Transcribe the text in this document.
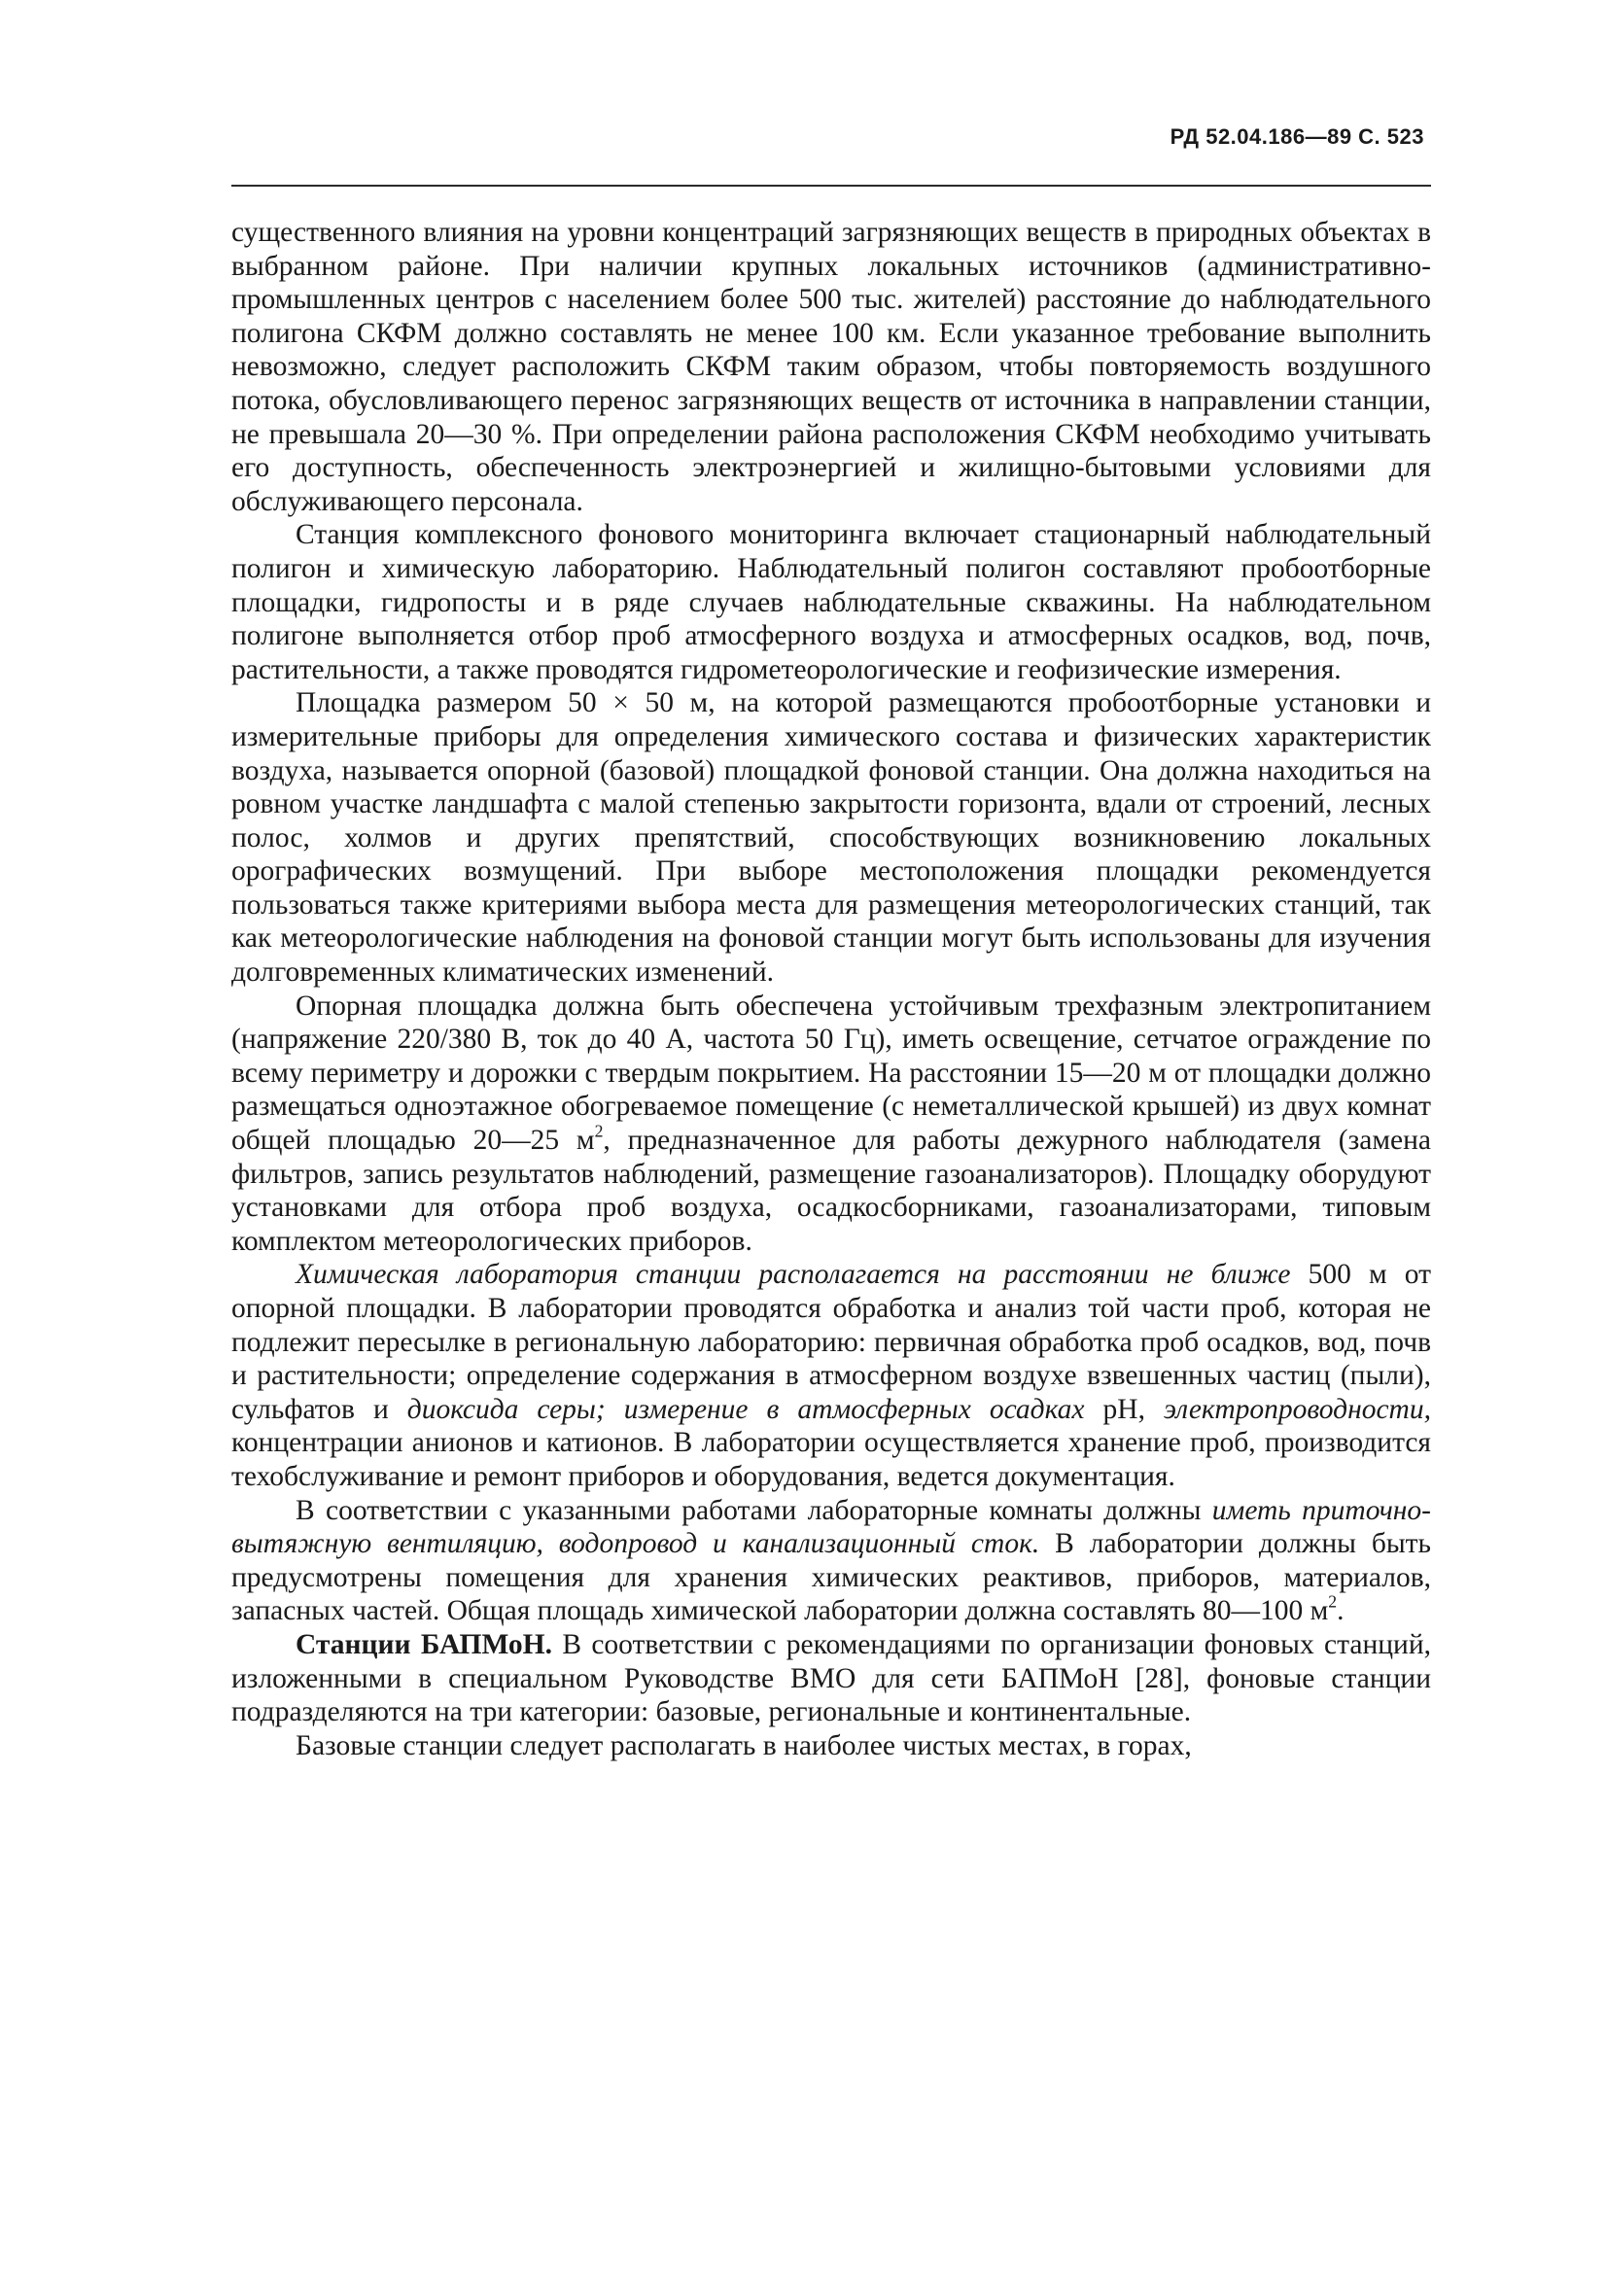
РД 52.04.186—89 С. 523

существенного влияния на уровни концентраций загрязняющих веществ в природных объектах в выбранном районе. При наличии крупных локальных источников (административно-промышленных центров с населением более 500 тыс. жителей) расстояние до наблюдательного полигона СКФМ должно составлять не менее 100 км. Если указанное требование выполнить невозможно, следует расположить СКФМ таким образом, чтобы повторяемость воздушного потока, обусловливающего перенос загрязняющих веществ от источника в направлении станции, не превышала 20—30 %. При определении района расположения СКФМ необходимо учитывать его доступность, обеспеченность электроэнергией и жилищно-бытовыми условиями для обслуживающего персонала.

Станция комплексного фонового мониторинга включает стационарный наблюдательный полигон и химическую лабораторию. Наблюдательный полигон составляют пробоотборные площадки, гидропосты и в ряде случаев наблюдательные скважины. На наблюдательном полигоне выполняется отбор проб атмосферного воздуха и атмосферных осадков, вод, почв, растительности, а также проводятся гидрометеорологические и геофизические измерения.

Площадка размером 50 × 50 м, на которой размещаются пробоотборные установки и измерительные приборы для определения химического состава и физических характеристик воздуха, называется опорной (базовой) площадкой фоновой станции. Она должна находиться на ровном участке ландшафта с малой степенью закрытости горизонта, вдали от строений, лесных полос, холмов и других препятствий, способствующих возникновению локальных орографических возмущений. При выборе местоположения площадки рекомендуется пользоваться также критериями выбора места для размещения метеорологических станций, так как метеорологические наблюдения на фоновой станции могут быть использованы для изучения долговременных климатических изменений.

Опорная площадка должна быть обеспечена устойчивым трехфазным электропитанием (напряжение 220/380 В, ток до 40 А, частота 50 Гц), иметь освещение, сетчатое ограждение по всему периметру и дорожки с твердым покрытием. На расстоянии 15—20 м от площадки должно размещаться одноэтажное обогреваемое помещение (с неметаллической крышей) из двух комнат общей площадью 20—25 $м^2$, предназначенное для работы дежурного наблюдателя (замена фильтров, запись результатов наблюдений, размещение газоанализаторов). Площадку оборудуют установками для отбора проб воздуха, осадкосборниками, газоанализаторами, типовым комплектом метеорологических приборов.

Химическая лаборатория станции располагается на расстоянии не ближе 500 м от опорной площадки. В лаборатории проводятся обработка и анализ той части проб, которая не подлежит пересылке в региональную лабораторию: первичная обработка проб осадков, вод, почв и растительности; определение содержания в атмосферном воздухе взвешенных частиц (пыли), сульфатов и диоксида серы; измерение в атмосферных осадках рН, электропроводности, концентрации анионов и катионов. В лаборатории осуществляется хранение проб, производится техобслуживание и ремонт приборов и оборудования, ведется документация.

В соответствии с указанными работами лабораторные комнаты должны иметь приточно-вытяжную вентиляцию, водопровод и канализационный сток. В лаборатории должны быть предусмотрены помещения для хранения химических реактивов, приборов, материалов, запасных частей. Общая площадь химической лаборатории должна составлять 80—100 $м^2$.

Станции БАПМоН. В соответствии с рекомендациями по организации фоновых станций, изложенными в специальном Руководстве ВМО для сети БАПМоН [28], фоновые станции подразделяются на три категории: базовые, региональные и континентальные.

Базовые станции следует располагать в наиболее чистых местах, в горах,
